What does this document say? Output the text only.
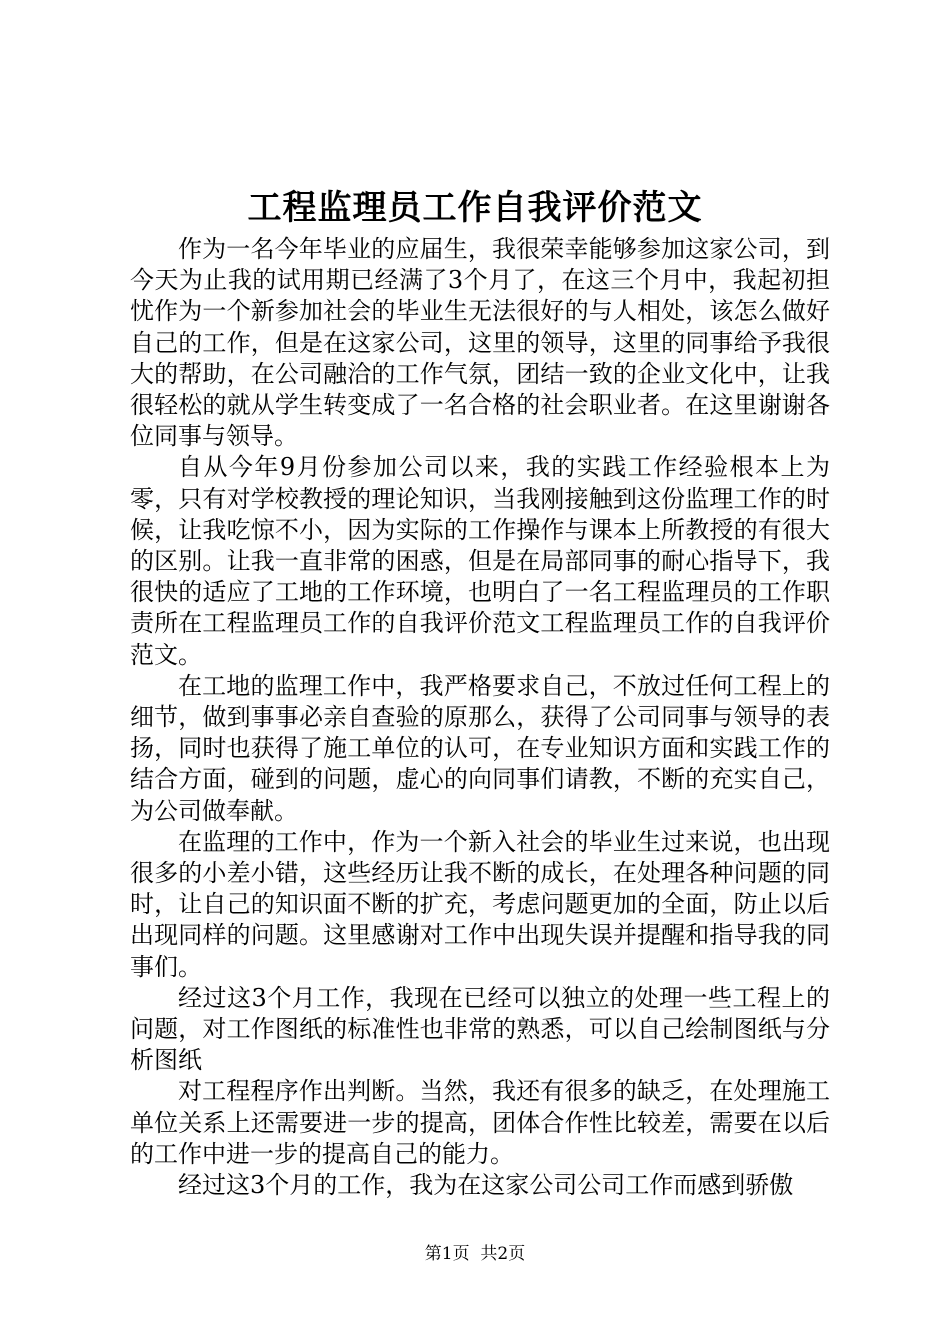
工程监理员工作自我评价范文

作为一名今年毕业的应届生，我很荣幸能够参加这家公司，到今天为止我的试用期已经满了3个月了，在这三个月中，我起初担忧作为一个新参加社会的毕业生无法很好的与人相处，该怎么做好自己的工作，但是在这家公司，这里的领导，这里的同事给予我很大的帮助，在公司融洽的工作气氛，团结一致的企业文化中，让我很轻松的就从学生转变成了一名合格的社会职业者。在这里谢谢各位同事与领导。

自从今年9月份参加公司以来，我的实践工作经验根本上为零，只有对学校教授的理论知识，当我刚接触到这份监理工作的时候，让我吃惊不小，因为实际的工作操作与课本上所教授的有很大的区别。让我一直非常的困惑，但是在局部同事的耐心指导下，我很快的适应了工地的工作环境，也明白了一名工程监理员的工作职责所在工程监理员工作的自我评价范文工程监理员工作的自我评价范文。

在工地的监理工作中，我严格要求自己，不放过任何工程上的细节，做到事事必亲自查验的原那么，获得了公司同事与领导的表扬，同时也获得了施工单位的认可，在专业知识方面和实践工作的结合方面，碰到的问题，虚心的向同事们请教，不断的充实自己，为公司做奉献。

在监理的工作中，作为一个新入社会的毕业生过来说，也出现很多的小差小错，这些经历让我不断的成长，在处理各种问题的同时，让自己的知识面不断的扩充，考虑问题更加的全面，防止以后出现同样的问题。这里感谢对工作中出现失误并提醒和指导我的同事们。

经过这3个月工作，我现在已经可以独立的处理一些工程上的问题，对工作图纸的标准性也非常的熟悉，可以自己绘制图纸与分析图纸

对工程程序作出判断。当然，我还有很多的缺乏，在处理施工单位关系上还需要进一步的提高，团体合作性比较差，需要在以后的工作中进一步的提高自己的能力。

经过这3个月的工作，我为在这家公司公司工作而感到骄傲

第1页 共2页
